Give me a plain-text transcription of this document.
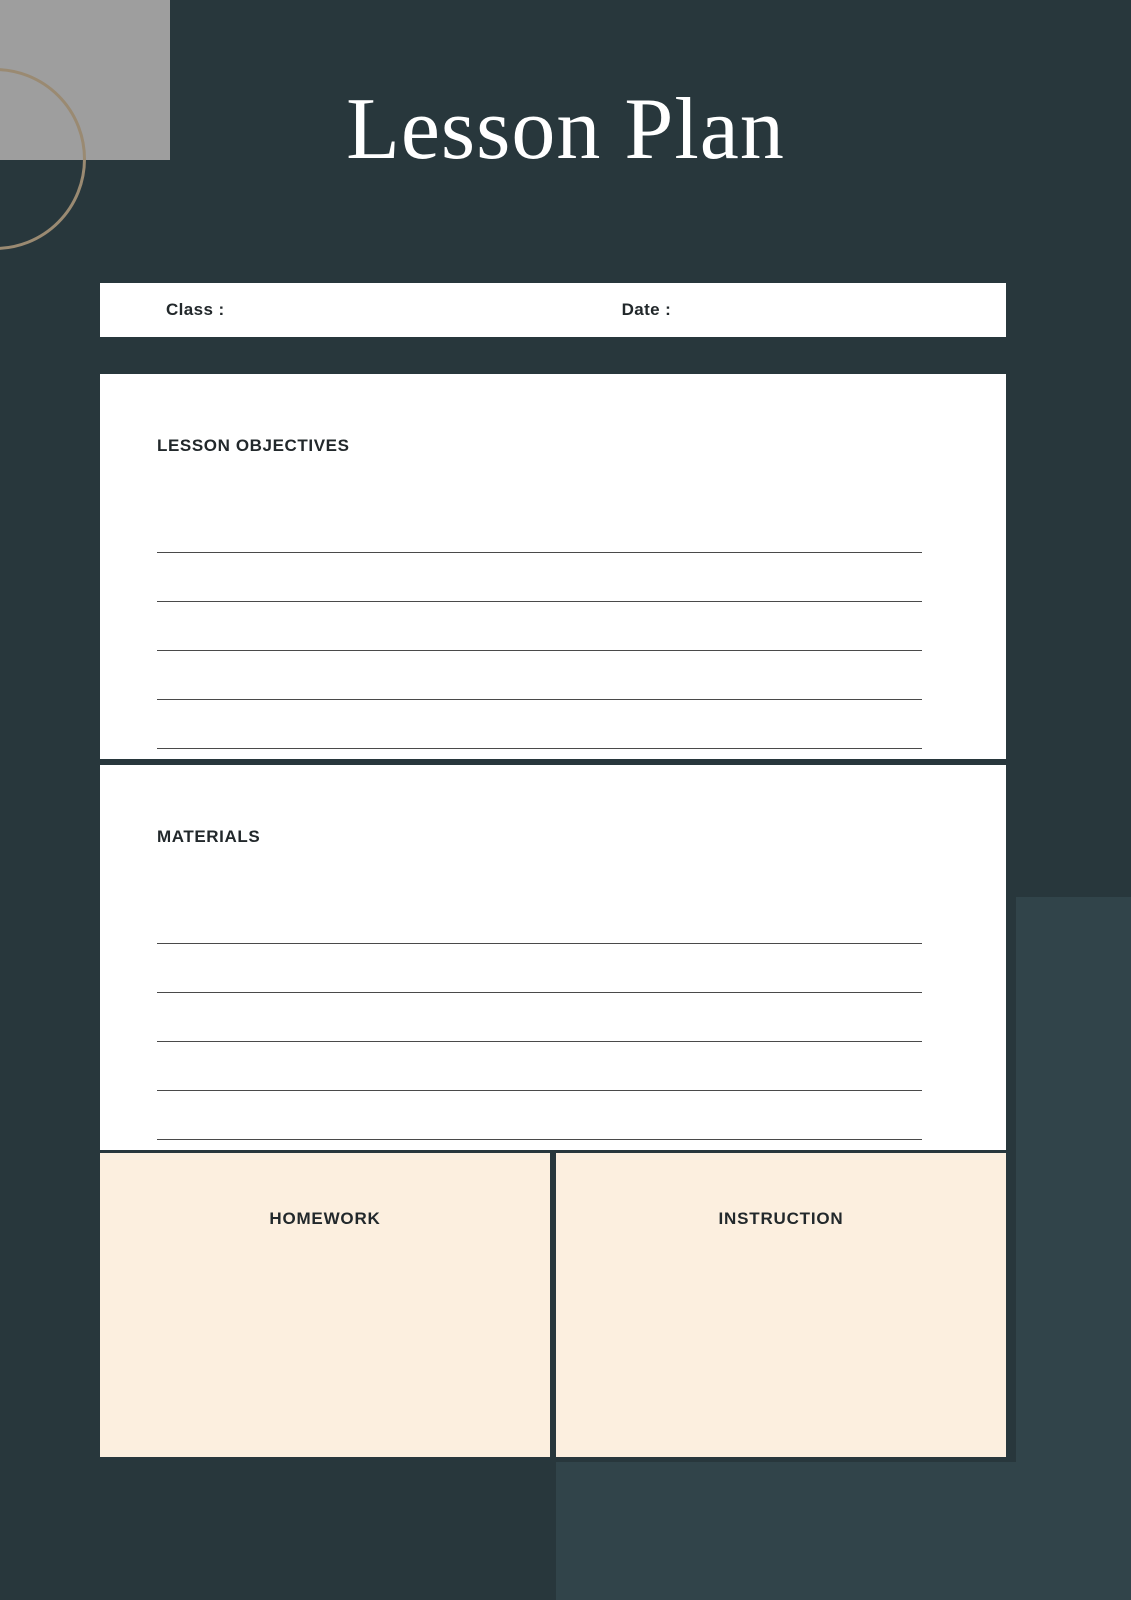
Lesson Plan
Class :	Date :
LESSON OBJECTIVES
MATERIALS
HOMEWORK	INSTRUCTION
